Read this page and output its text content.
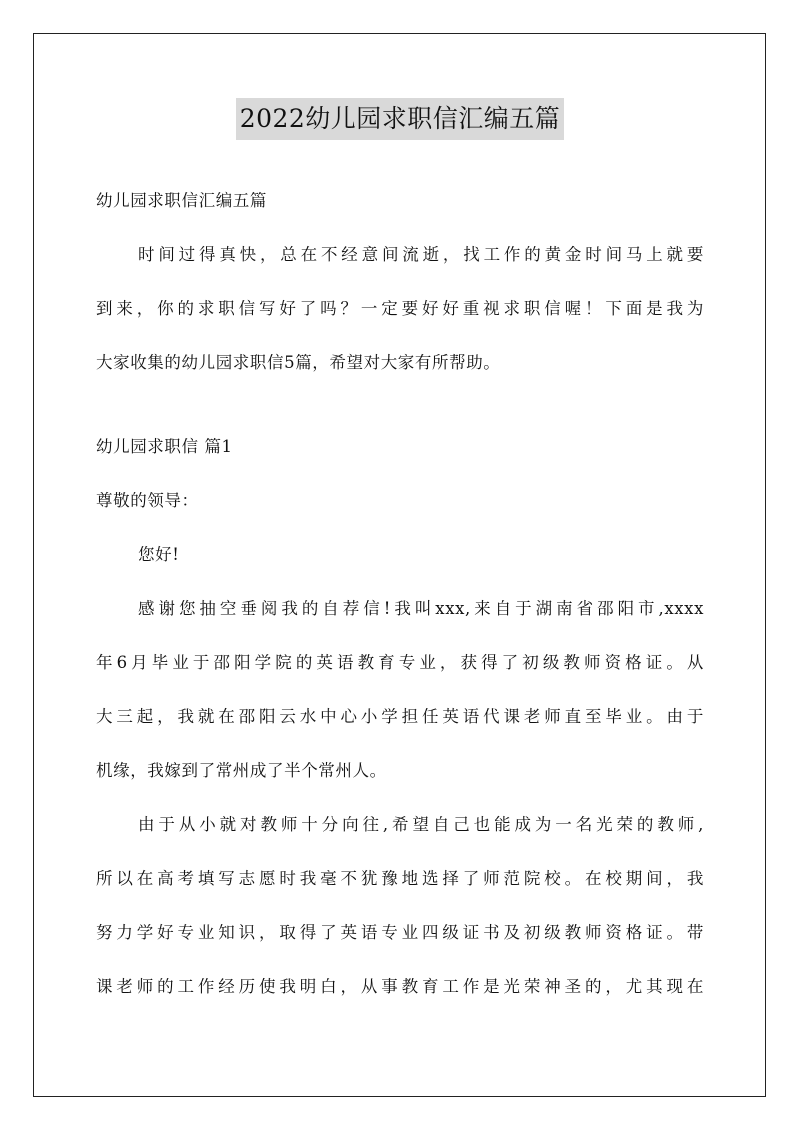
2022幼儿园求职信汇编五篇
幼儿园求职信汇编五篇
时间过得真快，总在不经意间流逝，找工作的黄金时间马上就要
到来，你的求职信写好了吗？一定要好好重视求职信喔！下面是我为
大家收集的幼儿园求职信5篇，希望对大家有所帮助。
幼儿园求职信 篇1
尊敬的领导：
您好!
感谢您抽空垂阅我的自荐信!我叫xxx,来自于湖南省邵阳市,xxxx
年6月毕业于邵阳学院的英语教育专业，获得了初级教师资格证。从
大三起，我就在邵阳云水中心小学担任英语代课老师直至毕业。由于
机缘，我嫁到了常州成了半个常州人。
由于从小就对教师十分向往,希望自己也能成为一名光荣的教师,
所以在高考填写志愿时我毫不犹豫地选择了师范院校。在校期间，我
努力学好专业知识，取得了英语专业四级证书及初级教师资格证。带
课老师的工作经历使我明白，从事教育工作是光荣神圣的，尤其现在
